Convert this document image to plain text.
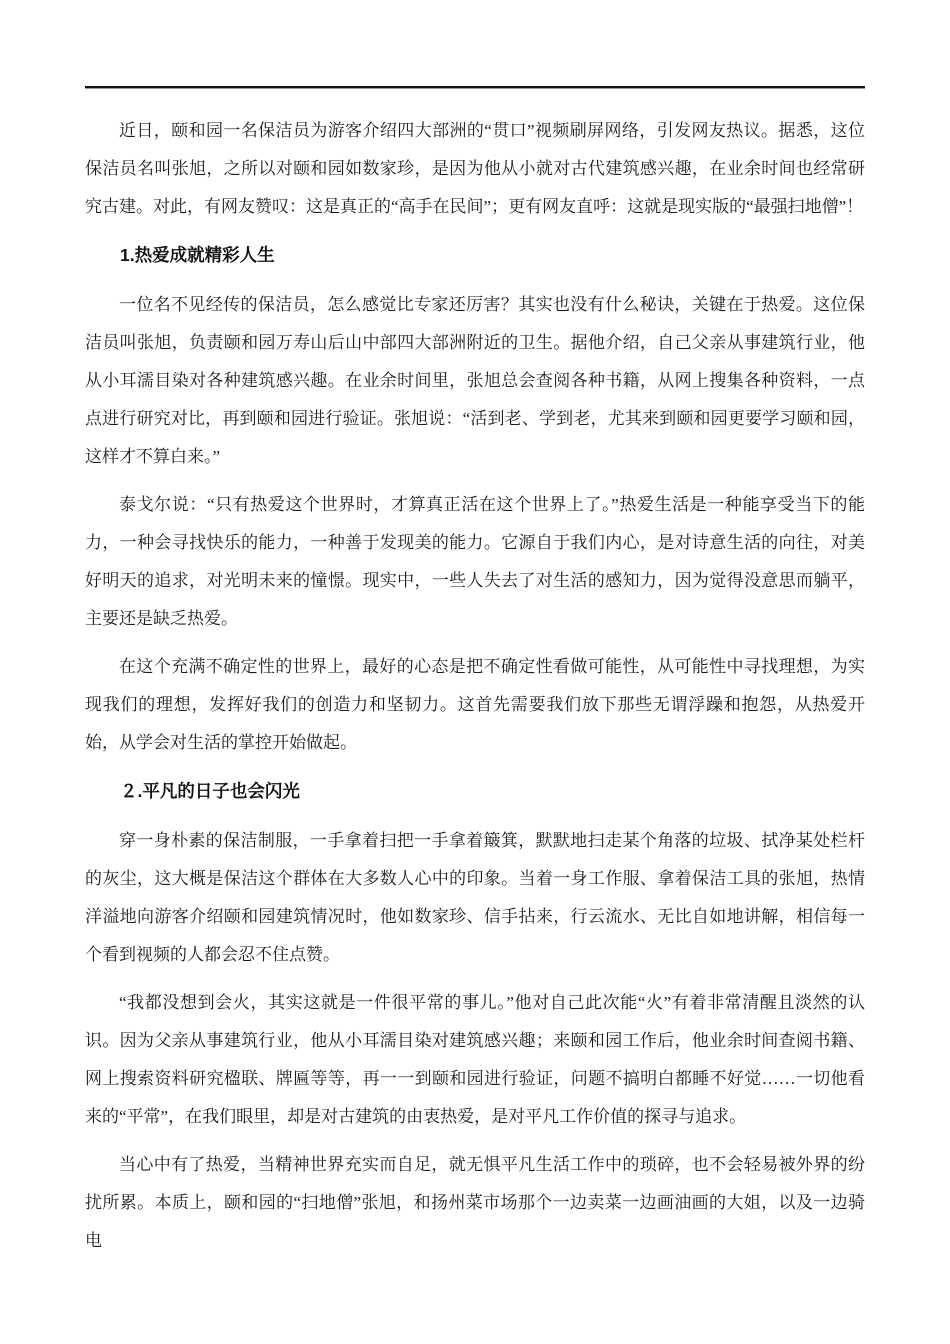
近日，颐和园一名保洁员为游客介绍四大部洲的“贯口”视频刷屏网络，引发网友热议。据悉，这位保洁员名叫张旭，之所以对颐和园如数家珍，是因为他从小就对古代建筑感兴趣，在业余时间也经常研究古建。对此，有网友赞叹：这是真正的“高手在民间”；更有网友直呼：这就是现实版的“最强扫地僧”！

1.热爱成就精彩人生

一位名不见经传的保洁员，怎么感觉比专家还厉害？其实也没有什么秘诀，关键在于热爱。这位保洁员叫张旭，负责颐和园万寿山后山中部四大部洲附近的卫生。据他介绍，自己父亲从事建筑行业，他从小耳濡目染对各种建筑感兴趣。在业余时间里，张旭总会查阅各种书籍，从网上搜集各种资料，一点点进行研究对比，再到颐和园进行验证。张旭说：“活到老、学到老，尤其来到颐和园更要学习颐和园，这样才不算白来。”

泰戈尔说：“只有热爱这个世界时，才算真正活在这个世界上了。”热爱生活是一种能享受当下的能力，一种会寻找快乐的能力，一种善于发现美的能力。它源自于我们内心，是对诗意生活的向往，对美好明天的追求，对光明未来的憧憬。现实中，一些人失去了对生活的感知力，因为觉得没意思而躺平，主要还是缺乏热爱。

在这个充满不确定性的世界上，最好的心态是把不确定性看做可能性，从可能性中寻找理想，为实现我们的理想，发挥好我们的创造力和坚韧力。这首先需要我们放下那些无谓浮躁和抱怨，从热爱开始，从学会对生活的掌控开始做起。

２.平凡的日子也会闪光

穿一身朴素的保洁制服，一手拿着扫把一手拿着簸箕，默默地扫走某个角落的垃圾、拭净某处栏杆的灰尘，这大概是保洁这个群体在大多数人心中的印象。当着一身工作服、拿着保洁工具的张旭，热情洋溢地向游客介绍颐和园建筑情况时，他如数家珍、信手拈来，行云流水、无比自如地讲解，相信每一个看到视频的人都会忍不住点赞。

“我都没想到会火，其实这就是一件很平常的事儿。”他对自己此次能“火”有着非常清醒且淡然的认识。因为父亲从事建筑行业，他从小耳濡目染对建筑感兴趣；来颐和园工作后，他业余时间查阅书籍、网上搜索资料研究楹联、牌匾等等，再一一到颐和园进行验证，问题不搞明白都睡不好觉……一切他看来的“平常”，在我们眼里，却是对古建筑的由衷热爱，是对平凡工作价值的探寻与追求。

当心中有了热爱，当精神世界充实而自足，就无惧平凡生活工作中的琐碎，也不会轻易被外界的纷扰所累。本质上，颐和园的“扫地僧”张旭，和扬州菜市场那个一边卖菜一边画油画的大姐，以及一边骑电
